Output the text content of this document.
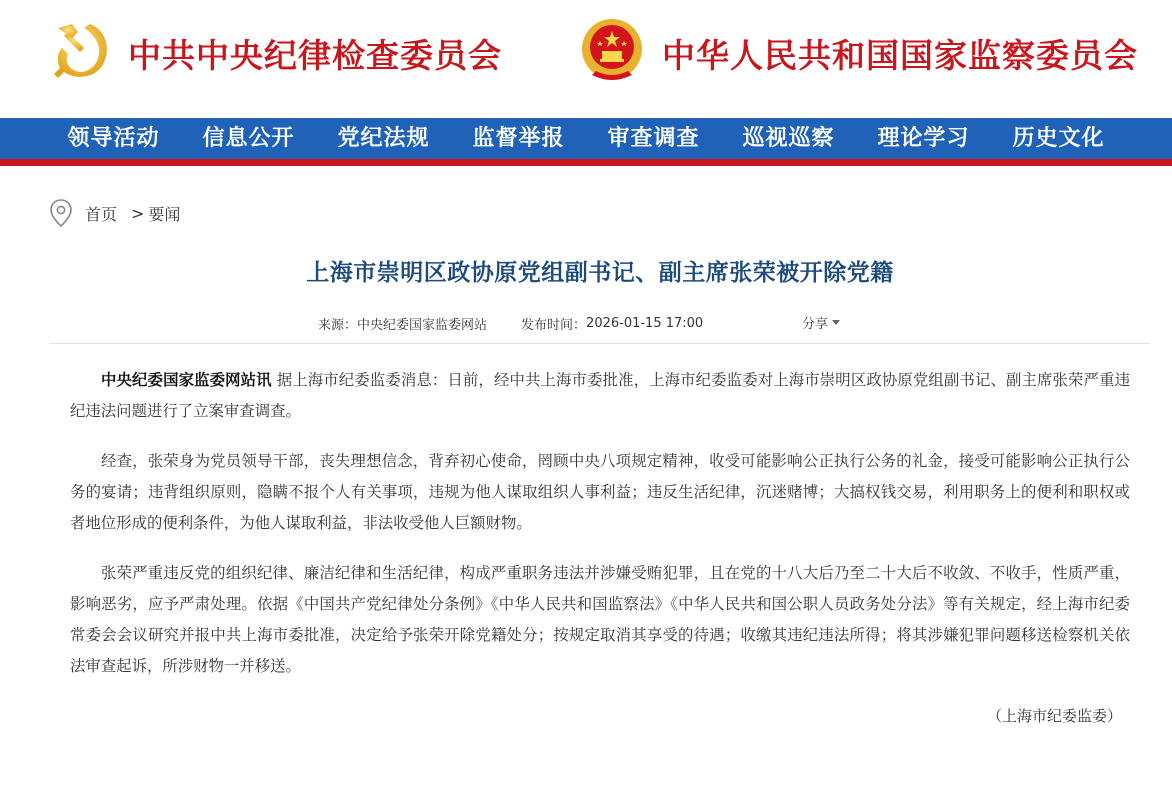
中共中央纪律检查委员会	中华人民共和国国家监察委员会
领导活动	信息公开	党纪法规	监督举报	审查调查	巡视巡察	理论学习	历史文化
首页 > 要闻
上海市崇明区政协原党组副书记、副主席张荣被开除党籍
来源： 中央纪委国家监委网站	发布时间： 2026-01-15 17:00	分享

中央纪委国家监委网站讯 据上海市纪委监委消息：日前，经中共上海市委批准，上海市纪委监委对上海市崇明区政协原党组副书记、副主席张荣严重违纪违法问题进行了立案审查调查。

经查，张荣身为党员领导干部，丧失理想信念，背弃初心使命，罔顾中央八项规定精神，收受可能影响公正执行公务的礼金，接受可能影响公正执行公务的宴请；违背组织原则，隐瞒不报个人有关事项，违规为他人谋取组织人事利益；违反生活纪律，沉迷赌博；大搞权钱交易，利用职务上的便利和职权或者地位形成的便利条件，为他人谋取利益，非法收受他人巨额财物。

张荣严重违反党的组织纪律、廉洁纪律和生活纪律，构成严重职务违法并涉嫌受贿犯罪，且在党的十八大后乃至二十大后不收敛、不收手，性质严重，影响恶劣，应予严肃处理。依据《中国共产党纪律处分条例》《中华人民共和国监察法》《中华人民共和国公职人员政务处分法》等有关规定，经上海市纪委常委会会议研究并报中共上海市委批准，决定给予张荣开除党籍处分；按规定取消其享受的待遇；收缴其违纪违法所得；将其涉嫌犯罪问题移送检察机关依法审查起诉，所涉财物一并移送。

（上海市纪委监委）
